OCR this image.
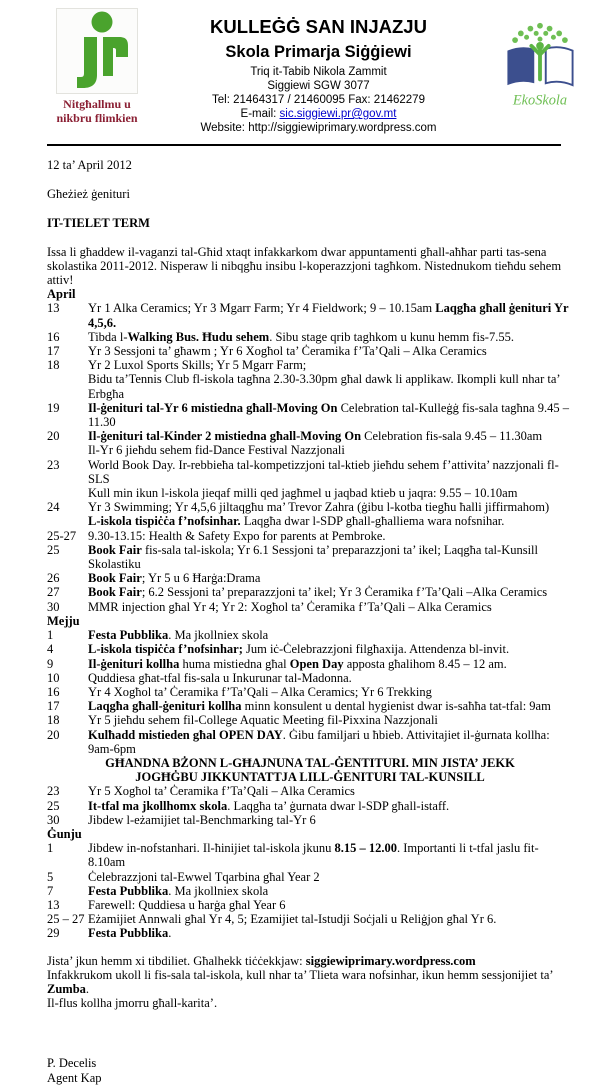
Nitgħallmu u
nikbru flimkien
KULLEĠĠ SAN INJAZJU
Skola Primarja Siġġiewi
Triq it-Tabib Nikola Zammit
Siggiewi SGW 3077
Tel: 21464317 / 21460095 Fax: 21462279
E-mail: sic.siggiewi.pr@gov.mt
Website: http://siggiewiprimary.wordpress.com
EkoSkola
12 ta’ April 2012
Għeżież ġenituri
IT-TIELET TERM
Issa li għaddew il-vaganzi tal-Għid xtaqt infakkarkom dwar appuntamenti għall-aħħar parti tas-sena skolastika 2011-2012. Nisperaw li nibqgħu insibu l-koperazzjoni tagħkom. Nistednukom tieħdu sehem attiv!
April
13	Yr 1 Alka Ceramics; Yr 3 Mgarr Farm; Yr 4 Fieldwork; 9 – 10.15am Laqgħa għall ġenituri Yr 4,5,6.
16	Tibda l-Walking Bus. Ħudu sehem. Sibu stage qrib taghkom u kunu hemm fis-7.55.
17	Yr 3 Sessjoni ta’ għawm ; Yr 6 Xogħol ta’ Ċeramika f’Ta’Qali – Alka Ceramics
18	Yr 2 Luxol Sports Skills; Yr 5 Mgarr Farm;
Bidu ta’Tennis Club fl-iskola tagħna 2.30-3.30pm għal dawk li applikaw. Ikompli kull nhar ta’ Erbgħa
19	Il-ġenituri tal-Yr 6 mistiedna għall-Moving On Celebration tal-Kulleġġ fis-sala tagħna 9.45 – 11.30
20	Il-ġenituri tal-Kinder 2 mistiedna għall-Moving On Celebration fis-sala 9.45 – 11.30am
Il-Yr 6 jieħdu sehem fid-Dance Festival Nazzjonali
23	World Book Day. Ir-rebbieħa tal-kompetizzjoni tal-ktieb jieħdu sehem f’attivita’ nazzjonali fl-SLS
Kull min ikun l-iskola jieqaf milli qed jagħmel u jaqbad ktieb u jaqra: 9.55 – 10.10am
24	Yr 3 Swimming; Yr 4,5,6 jiltaqgħu ma’ Trevor Zahra (ġibu l-kotba tiegħu ħalli jiffirmahom)
L-iskola tispiċċa f’nofsinhar. Laqgħa dwar l-SDP għall-għalliema wara nofsnihar.
25-27 9.30-13.15: Health & Safety Expo for parents at Pembroke.
25	Book Fair fis-sala tal-iskola; Yr 6.1 Sessjoni ta’ preparazzjoni ta’ ikel; Laqgħa tal-Kunsill Skolastiku
26	Book Fair; Yr 5 u 6 Ħarġa:Drama
27	Book Fair; 6.2 Sessjoni ta’ preparazzjoni ta’ ikel; Yr 3 Ċeramika f’Ta’Qali –Alka Ceramics
30	MMR injection għal Yr 4; Yr 2: Xogħol ta’ Ċeramika f’Ta’Qali – Alka Ceramics
Mejju
1	Festa Pubblika. Ma jkollniex skola
4	L-iskola tispiċċa f’nofsinhar; Jum iċ-Ċelebrazzjoni filgħaxija. Attendenza bl-invit.
9	Il-ġenituri kollha huma mistiedna għal Open Day apposta għalihom 8.45 – 12 am.
10	Quddiesa għat-tfal fis-sala u Inkurunar tal-Madonna.
16	Yr 4 Xogħol ta’ Ċeramika f’Ta’Qali – Alka Ceramics; Yr 6 Trekking
17	Laqgħa għall-ġenituri kollha minn konsulent u dental hygienist dwar is-saħħa tat-tfal: 9am
18	Yr 5 jieħdu sehem fil-College Aquatic Meeting fil-Pixxina Nazzjonali
20	Kulħadd mistieden għal OPEN DAY. Ġibu familjari u ħbieb. Attivitajiet il-ġurnata kollha: 9am-6pm
GĦANDNA BŻONN L-GĦAJNUNA TAL-ĠENTITURI. MIN JISTA’ JEKK
JOGĦĠBU JIKKUNTATTJA LILL-ĠENITURI TAL-KUNSILL
23	Yr 5 Xogħol ta’ Ċeramika f’Ta’Qali – Alka Ceramics
25	It-tfal ma jkollhomx skola. Laqgħa ta’ ġurnata dwar l-SDP għall-istaff.
30	Jibdew l-eżamijiet tal-Benchmarking tal-Yr 6
Ġunju
1	Jibdew in-nofstanhari. Il-ħinijiet tal-iskola jkunu 8.15 – 12.00. Importanti li t-tfal jaslu fit-8.10am
5	Ċelebrazzjoni tal-Ewwel Tqarbina għal Year 2
7	Festa Pubblika. Ma jkollniex skola
13	Farewell: Quddiesa u ħarġa għal Year 6
25 – 27 Eżamijiet Annwali għal Yr 4, 5; Ezamijiet tal-Istudji Soċjali u Reliġjon għal Yr 6.
29	Festa Pubblika.
Jista’ jkun hemm xi tibdiliet. Għalhekk tiċċekkjaw: siggiewiprimary.wordpress.com
Infakkrukom ukoll li fis-sala tal-iskola, kull nhar ta’ Tlieta wara nofsinhar, ikun hemm sessjonijiet ta’ Zumba.
Il-flus kollha jmorru għall-karita’.
P. Decelis
Agent Kap
